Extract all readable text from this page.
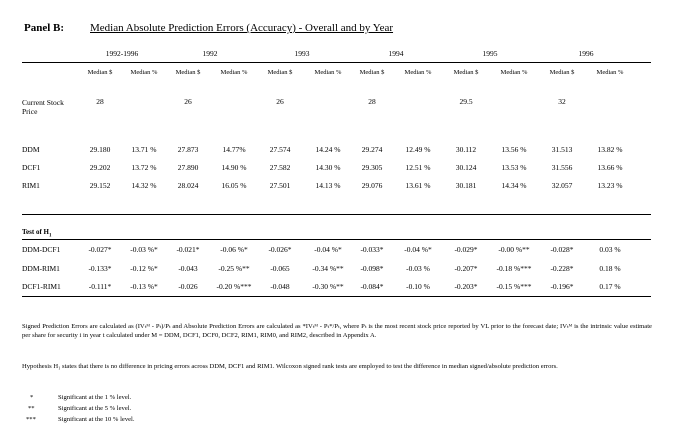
Panel B: Median Absolute Prediction Errors (Accuracy) - Overall and by Year
1992-1996	1992	1993	1994	1995	1996
Median $	Median %	Median $	Median %	Median $	Median %	Median $	Median %	Median $	Median %	Median $	Median %
Current Stock Price
28	26	26	28	29.5	32
DDM	29.180	13.71 %	27.873	14.77%	27.574	14.24 %	29.274	12.49 %	30.112	13.56 %	31.513	13.82 %
DCF1	29.202	13.72 %	27.890	14.90 %	27.582	14.30 %	29.305	12.51 %	30.124	13.53 %	31.556	13.66 %
RIM1	29.152	14.32 %	28.024	16.05 %	27.501	14.13 %	29.076	13.61 %	30.181	14.34 %	32.057	13.23 %
Test of $H_1$
DDM-DCF1	-0.027*	-0.03 %*	-0.021*	-0.06 %*	-0.026*	-0.04 %*	-0.033*	-0.04 %*	-0.029*	-0.00 %**	-0.028*	0.03 %
DDM-RIM1	-0.133*	-0.12 %*	-0.043	-0.25 %**	-0.065	-0.34 %**	-0.098*	-0.03 %	-0.207*	-0.18 %***	-0.228*	0.18 %
DCF1-RIM1	-0.111*	-0.13 %*	-0.026	-0.20 %***	-0.048	-0.30 %**	-0.084*	-0.10 %	-0.203*	-0.15 %***	-0.196*	0.17 %
Signed Prediction Errors are calculated as (IVₜᴹ - Pₜ)/Pₜ and Absolute Prediction Errors are calculated as *IVₜᴹ - Pₜ*/Pₜ, where Pₜ is the most recent stock price reported by VL prior to the forecast date; IVₜᴹ is the intrinsic value estimate per share for security i in year t calculated under M = DDM, DCF1, DCF0, DCF2, RIM1, RIM0, and RIM2, described in Appendix A.
Hypothesis H₁ states that there is no difference in pricing errors across DDM, DCF1 and RIM1. Wilcoxon signed rank tests are employed to test the difference in median signed/absolute prediction errors.
*	Significant at the 1 % level.
**	Significant at the 5 % level.
***	Significant at the 10 % level.
